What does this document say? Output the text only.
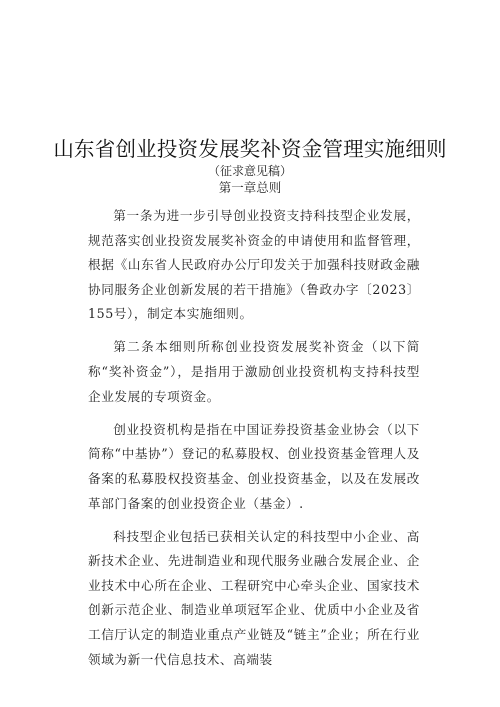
山东省创业投资发展奖补资金管理实施细则
（征求意见稿）
第一章总则

第一条为进一步引导创业投资支持科技型企业发展，规范落实创业投资发展奖补资金的申请使用和监督管理，根据《山东省人民政府办公厅印发关于加强科技财政金融协同服务企业创新发展的若干措施》（鲁政办字〔2023〕155号），制定本实施细则。

第二条本细则所称创业投资发展奖补资金（以下简称“奖补资金”），是指用于激励创业投资机构支持科技型企业发展的专项资金。

创业投资机构是指在中国证券投资基金业协会（以下简称“中基协”）登记的私募股权、创业投资基金管理人及备案的私募股权投资基金、创业投资基金，以及在发展改革部门备案的创业投资企业（基金）.

科技型企业包括已获相关认定的科技型中小企业、高新技术企业、先进制造业和现代服务业融合发展企业、企业技术中心所在企业、工程研究中心牵头企业、国家技术创新示范企业、制造业单项冠军企业、优质中小企业及省工信厅认定的制造业重点产业链及“链主”企业；所在行业领域为新一代信息技术、高端装
